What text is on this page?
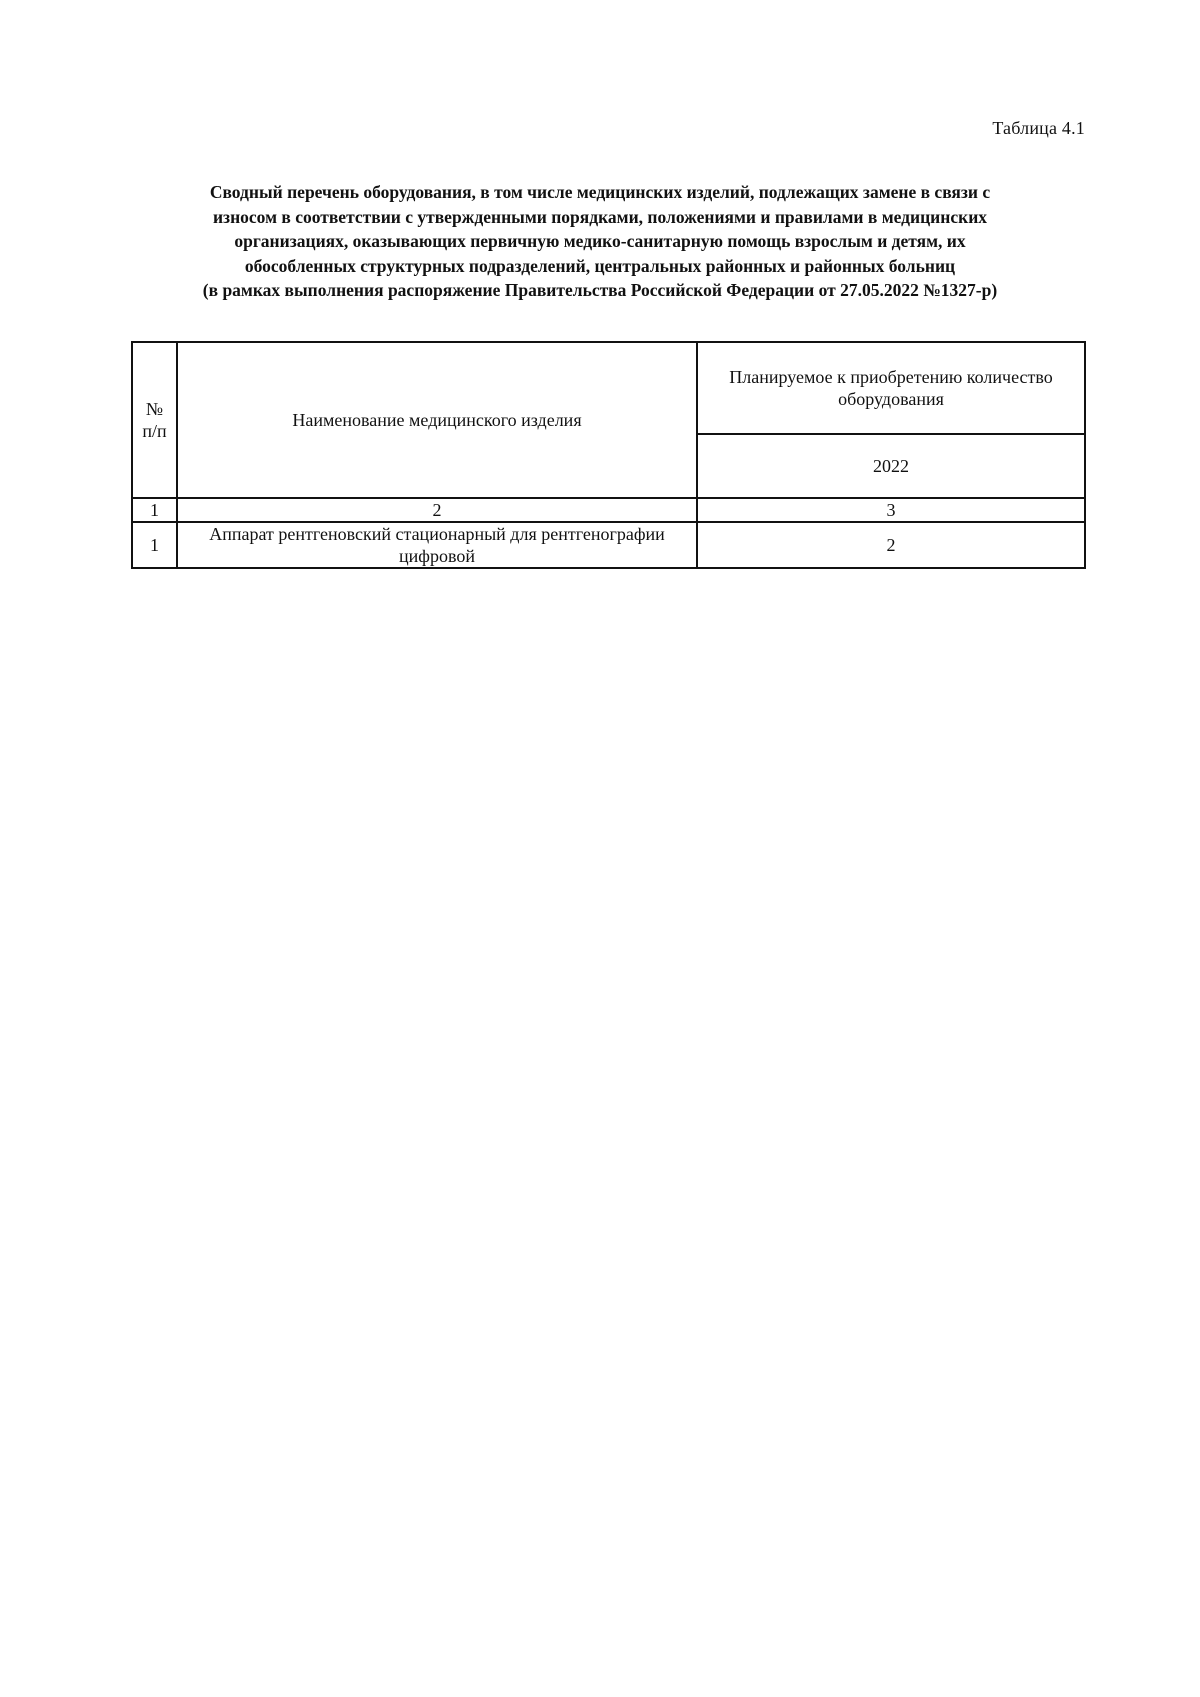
Таблица 4.1
Сводный перечень оборудования, в том числе медицинских изделий, подлежащих замене в связи с
износом в соответствии с утвержденными порядками, положениями и правилами в медицинских
организациях, оказывающих первичную медико-санитарную помощь взрослым и детям, их
обособленных структурных подразделений, центральных районных и районных больниц
(в рамках выполнения распоряжение Правительства Российской Федерации от 27.05.2022 №1327-р)
№
п/п	Наименование медицинского изделия	Планируемое к приобретению количество оборудования
		2022
1	2	3
1	Аппарат рентгеновский стационарный для рентгенографии цифровой	2
